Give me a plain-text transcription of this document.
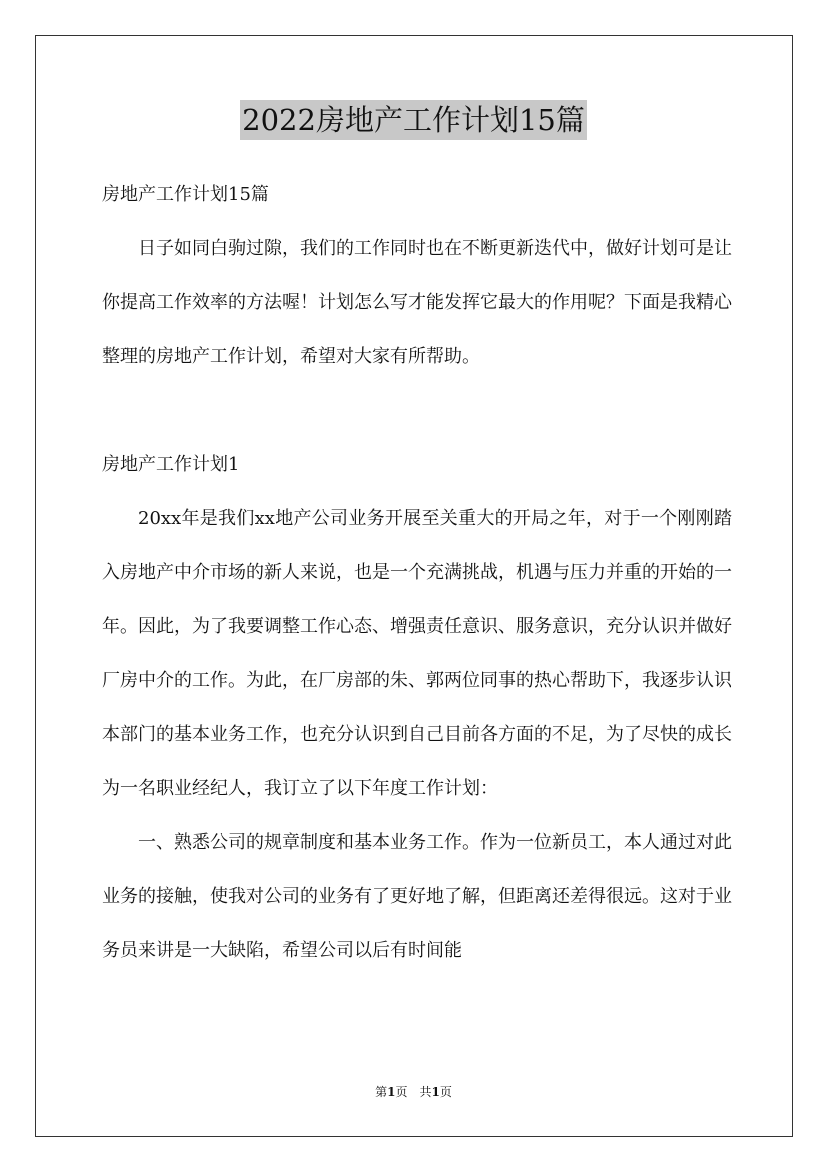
2022房地产工作计划15篇

房地产工作计划15篇

日子如同白驹过隙，我们的工作同时也在不断更新迭代中，做好计划可是让你提高工作效率的方法喔！计划怎么写才能发挥它最大的作用呢？下面是我精心整理的房地产工作计划，希望对大家有所帮助。

房地产工作计划1

20xx年是我们xx地产公司业务开展至关重大的开局之年，对于一个刚刚踏入房地产中介市场的新人来说，也是一个充满挑战，机遇与压力并重的开始的一年。因此，为了我要调整工作心态、增强责任意识、服务意识，充分认识并做好厂房中介的工作。为此，在厂房部的朱、郭两位同事的热心帮助下，我逐步认识本部门的基本业务工作，也充分认识到自己目前各方面的不足，为了尽快的成长为一名职业经纪人，我订立了以下年度工作计划：

一、熟悉公司的规章制度和基本业务工作。作为一位新员工，本人通过对此业务的接触，使我对公司的业务有了更好地了解，但距离还差得很远。这对于业务员来讲是一大缺陷，希望公司以后有时间能

第1页 共1页
